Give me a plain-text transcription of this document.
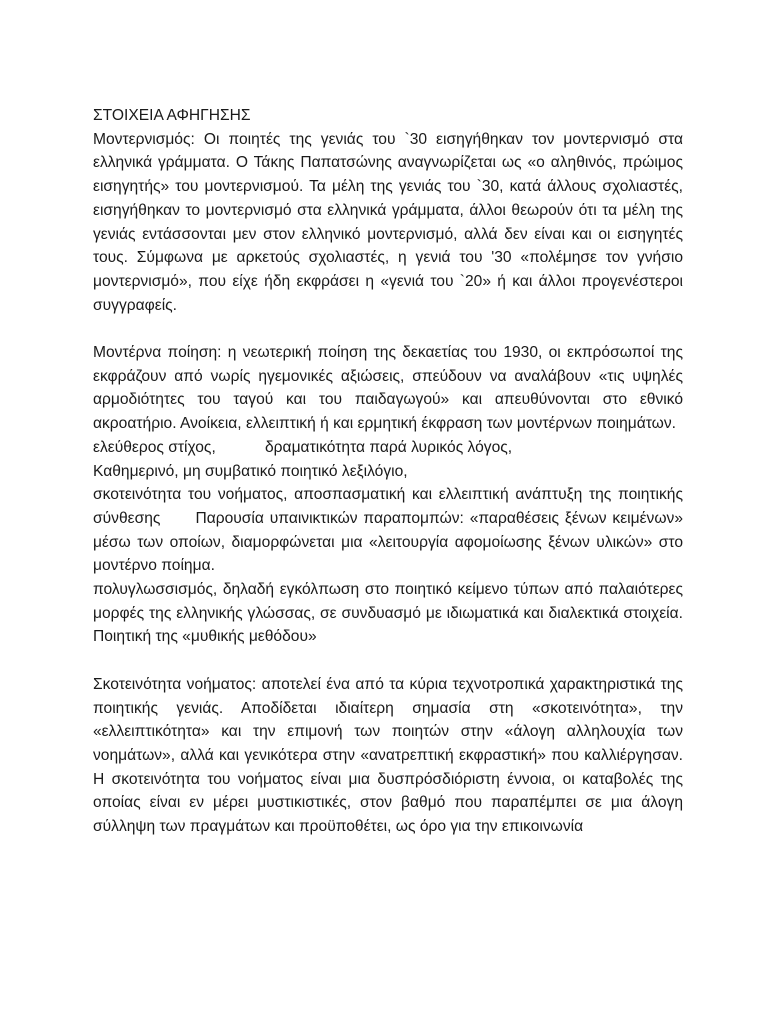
ΣΤΟΙΧΕΙΑ ΑΦΗΓΗΣΗΣ

Μοντερνισμός: Οι ποιητές της γενιάς του `30 εισηγήθηκαν τον μοντερνισμό στα ελληνικά γράμματα. Ο Τάκης Παπατσώνης αναγνωρίζεται ως «ο αληθινός, πρώιμος εισηγητής» του μοντερνισμού. Τα μέλη της γενιάς του `30, κατά άλλους σχολιαστές, εισηγήθηκαν το μοντερνισμό στα ελληνικά γράμματα, άλλοι θεωρούν ότι τα μέλη της γενιάς εντάσσονται μεν στον ελληνικό μοντερνισμό, αλλά δεν είναι και οι εισηγητές τους. Σύμφωνα με αρκετούς σχολιαστές, η γενιά του '30 «πολέμησε τον γνήσιο μοντερνισμό», που είχε ήδη εκφράσει η «γενιά του `20» ή και άλλοι προγενέστεροι συγγραφείς.

Μοντέρνα ποίηση: η νεωτερική ποίηση της δεκαετίας του 1930, οι εκπρόσωποί της εκφράζουν από νωρίς ηγεμονικές αξιώσεις, σπεύδουν να αναλάβουν «τις υψηλές αρμοδιότητες του ταγού και του παιδαγωγού» και απευθύνονται στο εθνικό ακροατήριο. Ανοίκεια, ελλειπτική ή και ερμητική έκφραση των μοντέρνων ποιημάτων.

ελεύθερος στίχος,	δραματικότητα παρά λυρικός λόγος,

Καθημερινό, μη συμβατικό ποιητικό λεξιλόγιο,

σκοτεινότητα του νοήματος, αποσπασματική και ελλειπτική ανάπτυξη της ποιητικής σύνθεσης      Παρουσία υπαινικτικών παραπομπών: «παραθέσεις ξένων κειμένων» μέσω των οποίων, διαμορφώνεται μια «λειτουργία αφομοίωσης ξένων υλικών» στο μοντέρνο ποίημα.

πολυγλωσσισμός, δηλαδή εγκόλπωση στο ποιητικό κείμενο τύπων από παλαιότερες μορφές της ελληνικής γλώσσας, σε συνδυασμό με ιδιωματικά και διαλεκτικά στοιχεία. Ποιητική της «μυθικής μεθόδου»

Σκοτεινότητα νοήματος: αποτελεί ένα από τα κύρια τεχνοτροπικά χαρακτηριστικά της ποιητικής γενιάς. Αποδίδεται ιδιαίτερη σημασία στη «σκοτεινότητα», την «ελλειπτικότητα» και την επιμονή των ποιητών στην «άλογη αλληλουχία των νοημάτων», αλλά και γενικότερα στην «ανατρεπτική εκφραστική» που καλλιέργησαν. Η σκοτεινότητα του νοήματος είναι μια δυσπρόσδιόριστη έννοια, οι καταβολές της οποίας είναι εν μέρει μυστικιστικές, στον βαθμό που παραπέμπει σε μια άλογη σύλληψη των πραγμάτων και προϋποθέτει, ως όρο για την επικοινωνία
